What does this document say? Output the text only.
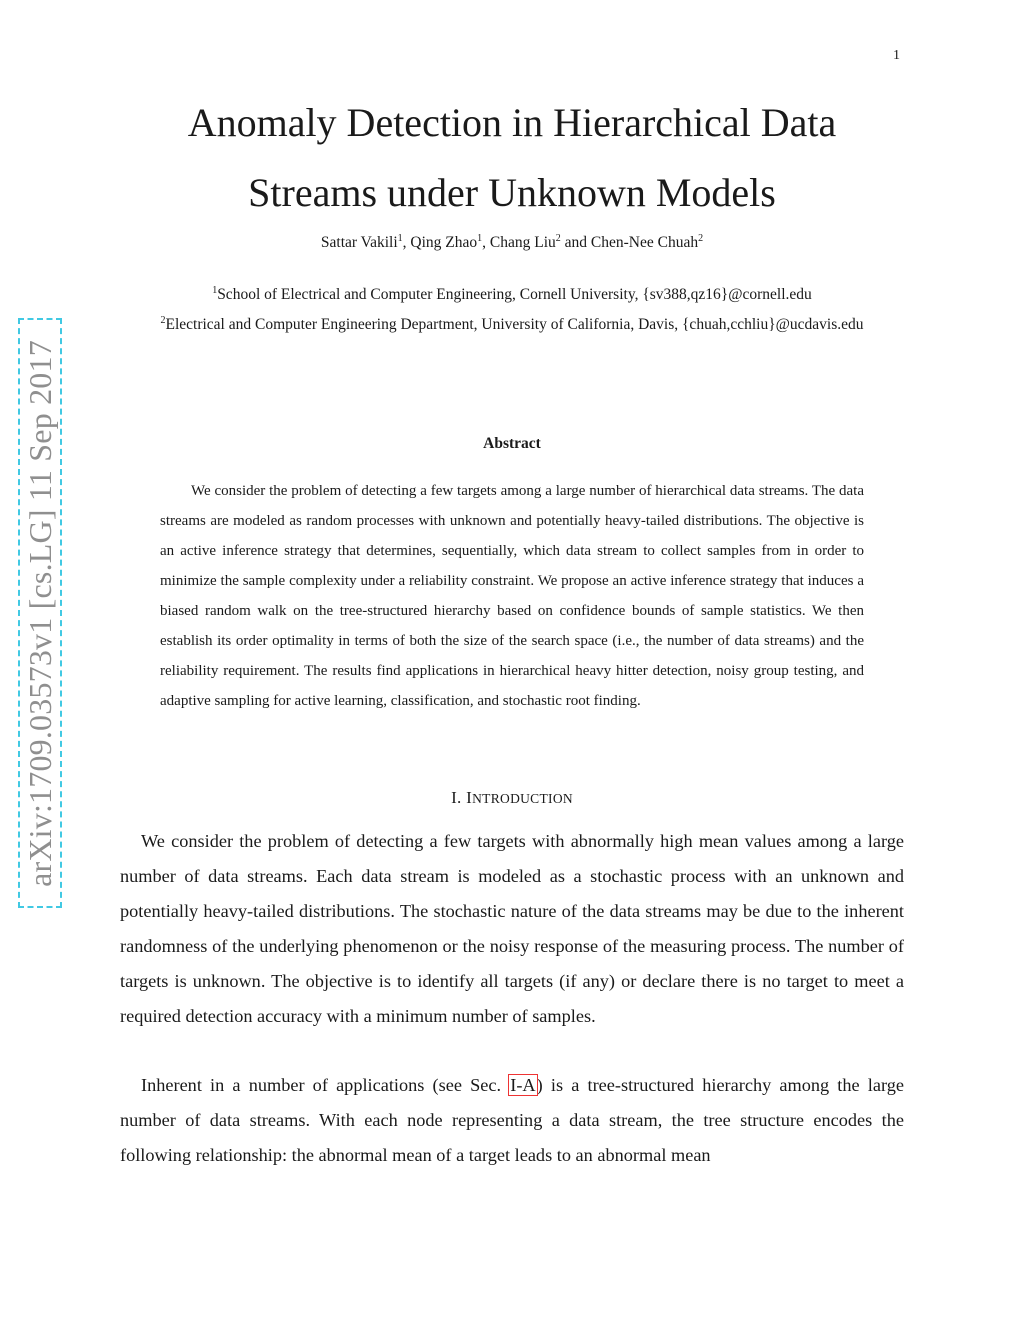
1
arXiv:1709.03573v1 [cs.LG] 11 Sep 2017
Anomaly Detection in Hierarchical Data
Streams under Unknown Models
Sattar Vakili$^1$, Qing Zhao$^1$, Chang Liu$^2$ and Chen-Nee Chuah$^2$
$^1$School of Electrical and Computer Engineering, Cornell University, {sv388,qz16}@cornell.edu
$^2$Electrical and Computer Engineering Department, University of California, Davis, {chuah,cchliu}@ucdavis.edu
Abstract

We consider the problem of detecting a few targets among a large number of hierarchical data streams. The data streams are modeled as random processes with unknown and potentially heavy-tailed distributions. The objective is an active inference strategy that determines, sequentially, which data stream to collect samples from in order to minimize the sample complexity under a reliability constraint. We propose an active inference strategy that induces a biased random walk on the tree-structured hierarchy based on confidence bounds of sample statistics. We then establish its order optimality in terms of both the size of the search space (i.e., the number of data streams) and the reliability requirement. The results find applications in hierarchical heavy hitter detection, noisy group testing, and adaptive sampling for active learning, classification, and stochastic root finding.

I. INTRODUCTION

We consider the problem of detecting a few targets with abnormally high mean values among a large number of data streams. Each data stream is modeled as a stochastic process with an unknown and potentially heavy-tailed distributions. The stochastic nature of the data streams may be due to the inherent randomness of the underlying phenomenon or the noisy response of the measuring process. The number of targets is unknown. The objective is to identify all targets (if any) or declare there is no target to meet a required detection accuracy with a minimum number of samples.

Inherent in a number of applications (see Sec. I-A) is a tree-structured hierarchy among the large number of data streams. With each node representing a data stream, the tree structure encodes the following relationship: the abnormal mean of a target leads to an abnormal mean
